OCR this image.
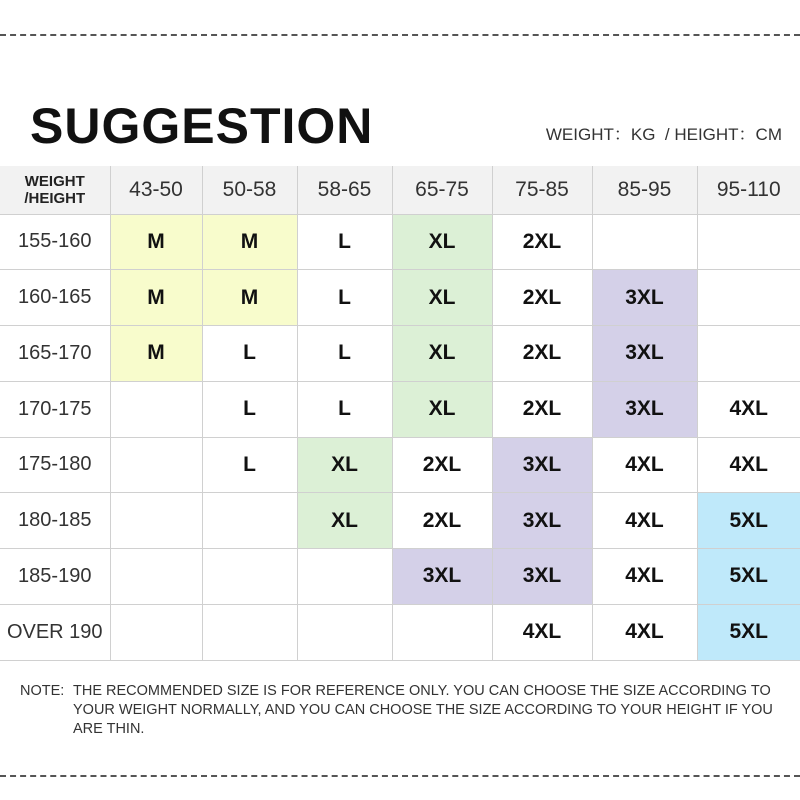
SUGGESTION	WEIGHT：KG  / HEIGHT：CM
WEIGHT
/HEIGHT	43-50	50-58	58-65	65-75	75-85	85-95	95-110
155-160	M	M	L	XL	2XL		
160-165	M	M	L	XL	2XL	3XL	
165-170	M	L	L	XL	2XL	3XL	
170-175		L	L	XL	2XL	3XL	4XL
175-180		L	XL	2XL	3XL	4XL	4XL
180-185			XL	2XL	3XL	4XL	5XL
185-190				3XL	3XL	4XL	5XL
OVER 190					4XL	4XL	5XL
NOTE: THE RECOMMENDED SIZE IS FOR REFERENCE ONLY. YOU CAN CHOOSE THE SIZE ACCORDING TO YOUR WEIGHT NORMALLY, AND YOU CAN CHOOSE THE SIZE ACCORDING TO YOUR HEIGHT IF YOU ARE THIN.
